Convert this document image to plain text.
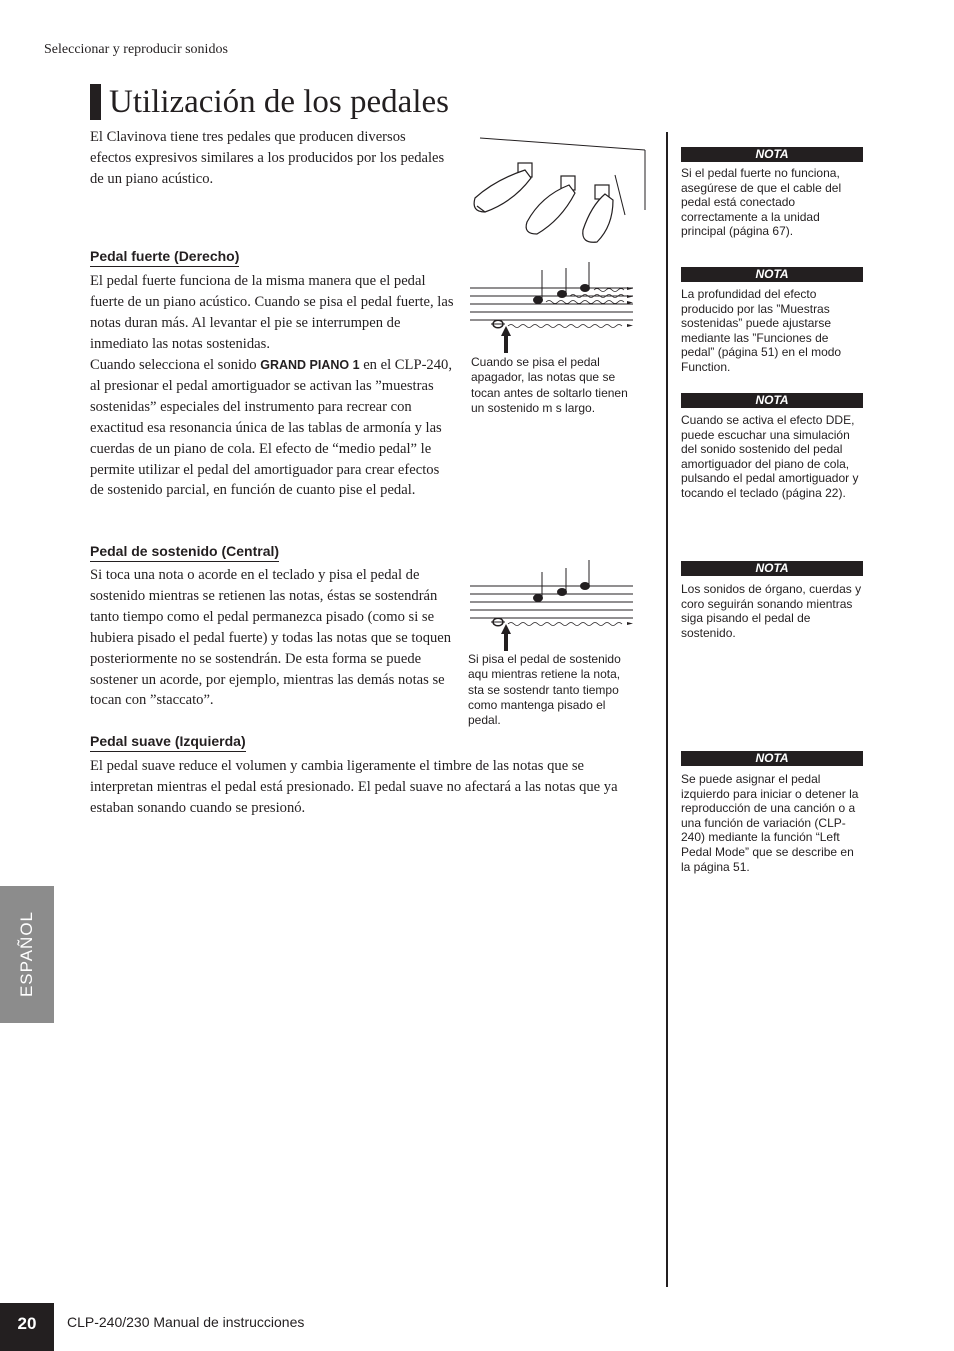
Seleccionar y reproducir sonidos
Utilización de los pedales
El Clavinova tiene tres pedales que producen diversos efectos expresivos similares a los producidos por los pedales de un piano acústico.
Pedal fuerte (Derecho)
El pedal fuerte funciona de la misma manera que el pedal fuerte de un piano acústico. Cuando se pisa el pedal fuerte, las notas duran más. Al levantar el pie se interrumpen de inmediato las notas sostenidas.
Cuando selecciona el sonido GRAND PIANO 1 en el CLP-240, al presionar el pedal amortiguador se activan las ”muestras sostenidas” especiales del instrumento para recrear con exactitud esa resonancia única de las tablas de armonía y las cuerdas de un piano de cola. El efecto de “medio pedal” le permite utilizar el pedal del amortiguador para crear efectos de sostenido parcial, en función de cuanto pise el pedal.
Cuando se pisa el pedal apagador, las notas que se tocan antes de soltarlo tienen un sostenido m s largo.
Pedal de sostenido (Central)
Si toca una nota o acorde en el teclado y pisa el pedal de sostenido mientras se retienen las notas, éstas se sostendrán tanto tiempo como el pedal permanezca pisado (como si se hubiera pisado el pedal fuerte) y todas las notas que se toquen posteriormente no se sostendrán. De esta forma se puede sostener un acorde, por ejemplo, mientras las demás notas se tocan con ”staccato”.
Si pisa el pedal de sostenido aqu mientras retiene la nota, sta se sostendr tanto tiempo como mantenga pisado el pedal.
Pedal suave (Izquierda)
El pedal suave reduce el volumen y cambia ligeramente el timbre de las notas que se interpretan mientras el pedal está presionado. El pedal suave no afectará a las notas que ya estaban sonando cuando se presionó.
NOTA
Si el pedal fuerte no funciona, asegúrese de que el cable del pedal está conectado correctamente a la unidad principal (página 67).
NOTA
La profundidad del efecto producido por las ”Muestras sostenidas” puede ajustarse mediante las ”Funciones de pedal” (página 51) en el modo Function.
NOTA
Cuando se activa el efecto DDE, puede escuchar una simulación del sonido sostenido del pedal amortiguador del piano de cola, pulsando el pedal amortiguador y tocando el teclado (página 22).
NOTA
Los sonidos de órgano, cuerdas y coro seguirán sonando mientras siga pisando el pedal de sostenido.
NOTA
Se puede asignar el pedal izquierdo para iniciar o detener la reproducción de una canción o a una función de variación (CLP-240) mediante la función “Left Pedal Mode” que se describe en la página 51.
ESPAÑOL
20	CLP-240/230 Manual de instrucciones
